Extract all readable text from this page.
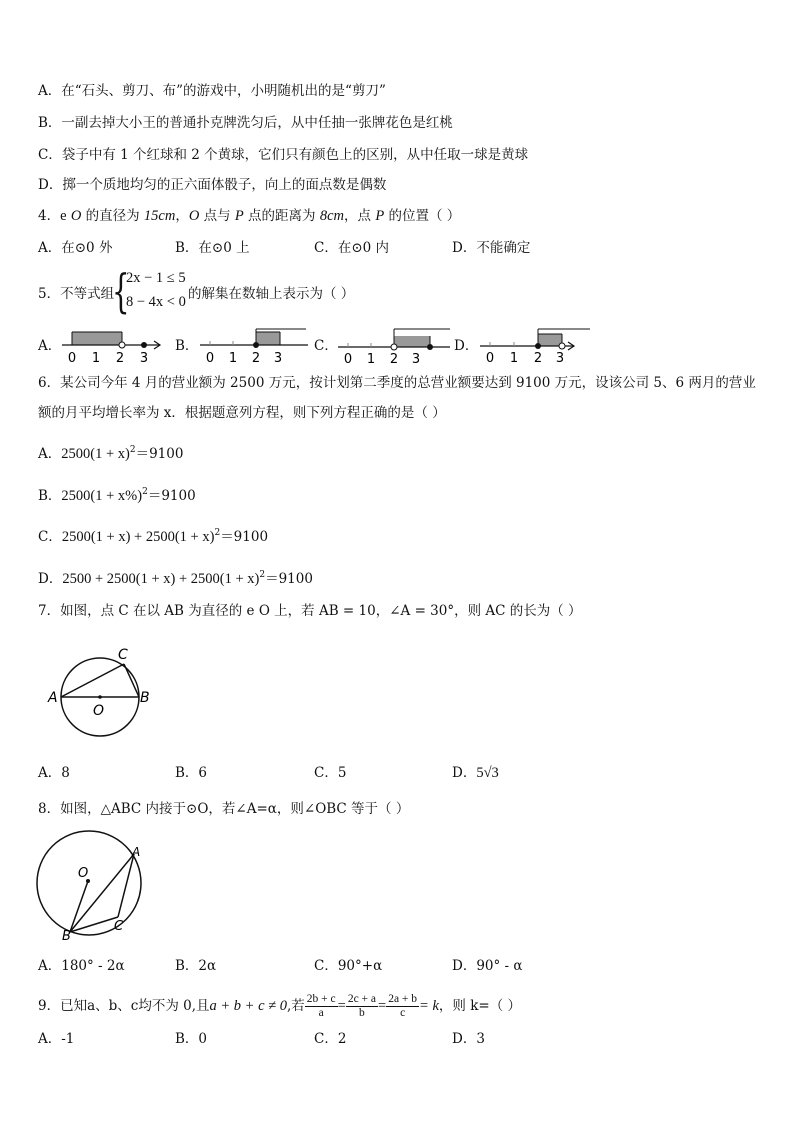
A．在“石头、剪刀、布”的游戏中，小明随机出的是“剪刀”
B．一副去掉大小王的普通扑克牌洗匀后，从中任抽一张牌花色是红桃
C．袋子中有 1 个红球和 2 个黄球，它们只有颜色上的区别，从中任取一球是黄球
D．掷一个质地均匀的正六面体骰子，向上的面点数是偶数
4．e O 的直径为 15cm，O 点与 P 点的距离为 8cm，点 P 的位置（ ）
A．在⊙0 外	B．在⊙0 上	C．在⊙0 内	D．不能确定
5．不等式组
{
2x − 1 ≤ 5
8 − 4x < 0 的解集在数轴上表示为（ ）
A．	B．	C．	D．
0 1 2 3	0 1 2 3	0 1 2 3	0 1 2 3
6．某公司今年 4 月的营业额为 2500 万元，按计划第二季度的总营业额要达到 9100 万元，设该公司 5、6 两月的营业
额的月平均增长率为 x．根据题意列方程，则下列方程正确的是（ ）
A．$2500(1 + x)^2=9100$
B．$2500(1 + x\%)^2=9100$
C．$2500(1 + x) + 2500(1 + x)^2=9100$
D．$2500 + 2500(1 + x) + 2500(1 + x)^2=9100$
7．如图，点 C 在以 AB 为直径的 e O 上，若 AB = 10，∠A = 30°，则 AC 的长为（ ）
A	B
C
O
A．8	B．6	C．5	D．5√3
8．如图，△ABC 内接于⊙O，若∠A=α，则∠OBC 等于（ ）
O
A
B
C
A．180° - 2α	B．2α	C．90°+α	D．90° - α
9．已知a、b、c均不为 0,且a + b + c ≠ 0,若 $\frac{2b + c}{a} = \frac{2c + a}{b} = \frac{2a + b}{c} = k$，则 k=（ ）
A．-1	B．0	C．2	D．3
